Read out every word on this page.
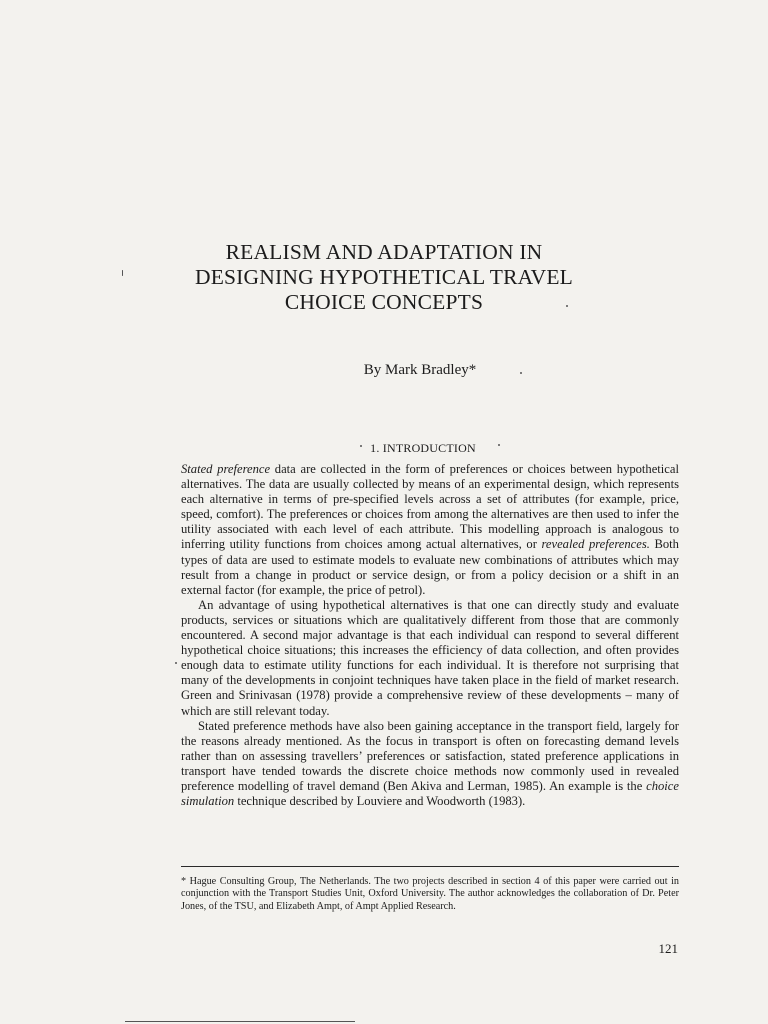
REALISM AND ADAPTATION IN
DESIGNING HYPOTHETICAL TRAVEL
CHOICE CONCEPTS
By Mark Bradley*
1. INTRODUCTION

Stated preference data are collected in the form of preferences or choices between hypothetical alternatives. The data are usually collected by means of an experimental design, which represents each alternative in terms of pre-specified levels across a set of attributes (for example, price, speed, comfort). The preferences or choices from among the alternatives are then used to infer the utility associated with each level of each attribute. This modelling approach is analogous to inferring utility functions from choices among actual alternatives, or revealed preferences. Both types of data are used to estimate models to evaluate new combinations of attributes which may result from a change in product or service design, or from a policy decision or a shift in an external factor (for example, the price of petrol).

An advantage of using hypothetical alternatives is that one can directly study and evaluate products, services or situations which are qualitatively different from those that are commonly encountered. A second major advantage is that each individual can respond to several different hypothetical choice situations; this increases the efficiency of data collection, and often provides enough data to estimate utility functions for each individual. It is therefore not surprising that many of the developments in conjoint techniques have taken place in the field of market research. Green and Srinivasan (1978) provide a comprehensive review of these developments – many of which are still relevant today.

Stated preference methods have also been gaining acceptance in the transport field, largely for the reasons already mentioned. As the focus in transport is often on forecasting demand levels rather than on assessing travellers’ preferences or satisfaction, stated preference applications in transport have tended towards the discrete choice methods now commonly used in revealed preference modelling of travel demand (Ben Akiva and Lerman, 1985). An example is the choice simulation technique described by Louviere and Woodworth (1983).

* Hague Consulting Group, The Netherlands. The two projects described in section 4 of this paper were carried out in conjunction with the Transport Studies Unit, Oxford University. The author acknowledges the collaboration of Dr. Peter Jones, of the TSU, and Elizabeth Ampt, of Ampt Applied Research.
121
